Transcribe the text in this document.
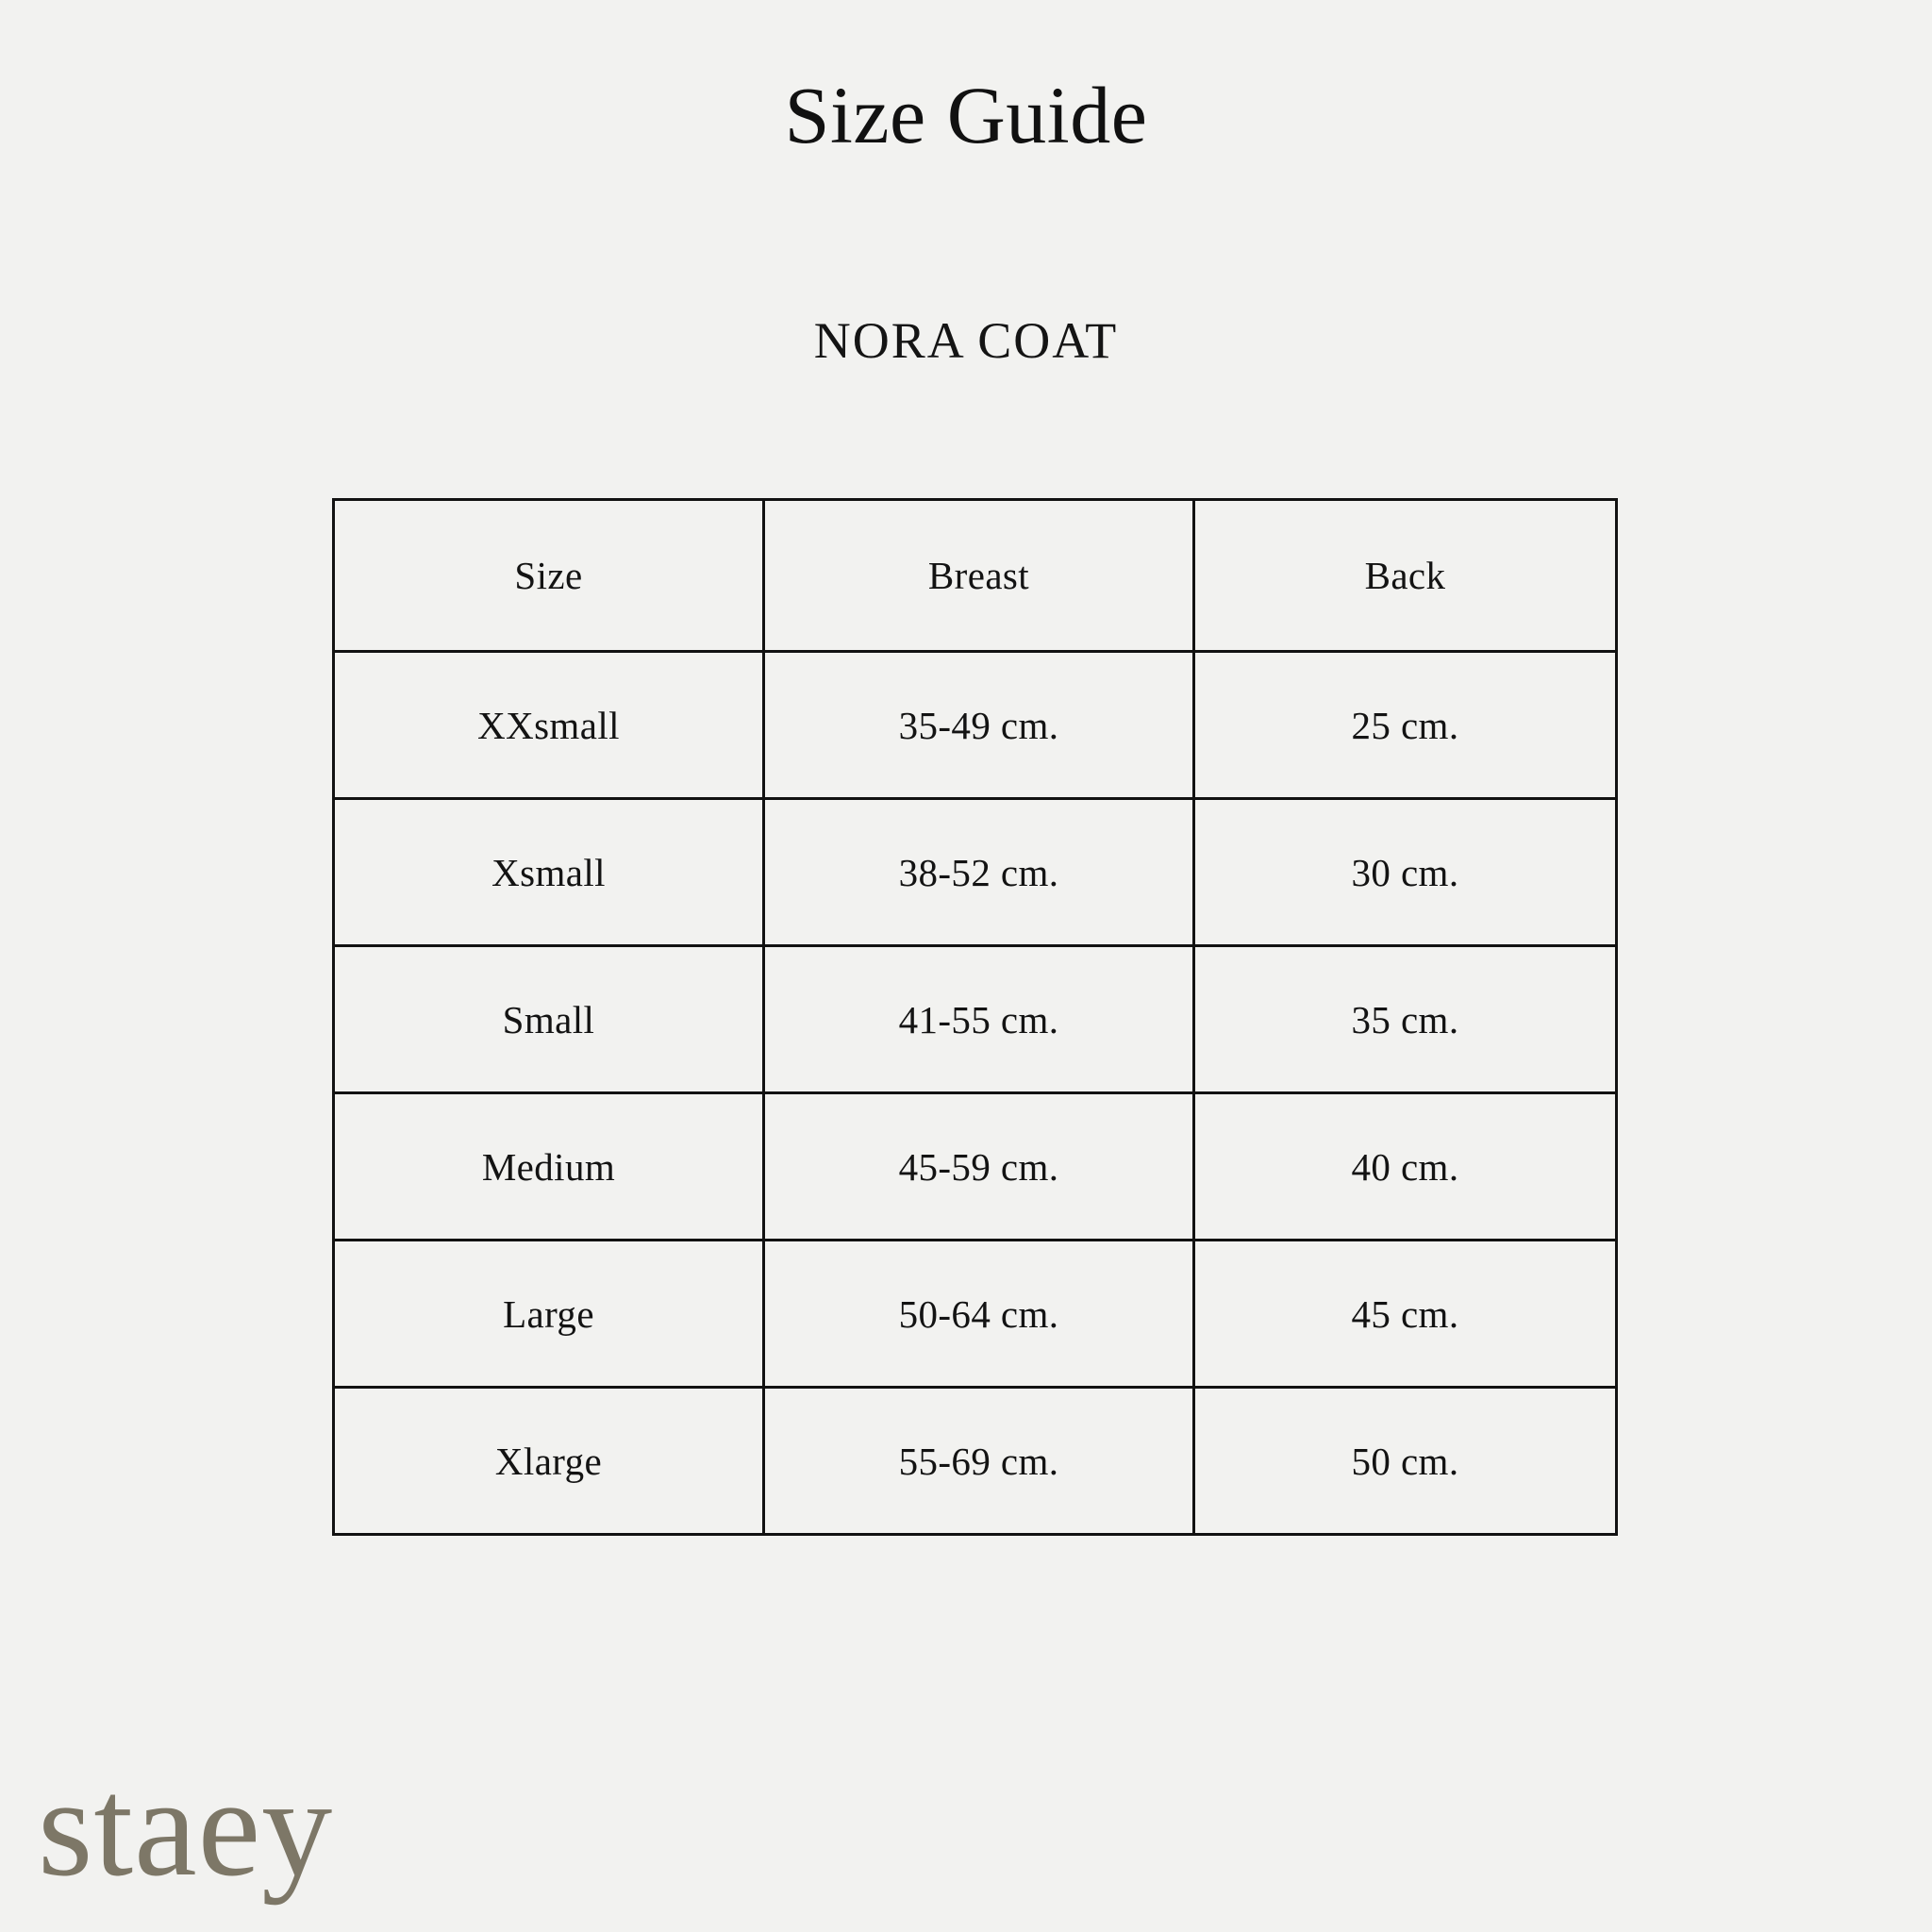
Size Guide
NORA COAT
Size	Breast	Back
XXsmall	35-49 cm.	25 cm.
Xsmall	38-52 cm.	30 cm.
Small	41-55 cm.	35 cm.
Medium	45-59 cm.	40 cm.
Large	50-64 cm.	45 cm.
Xlarge	55-69 cm.	50 cm.
staey
